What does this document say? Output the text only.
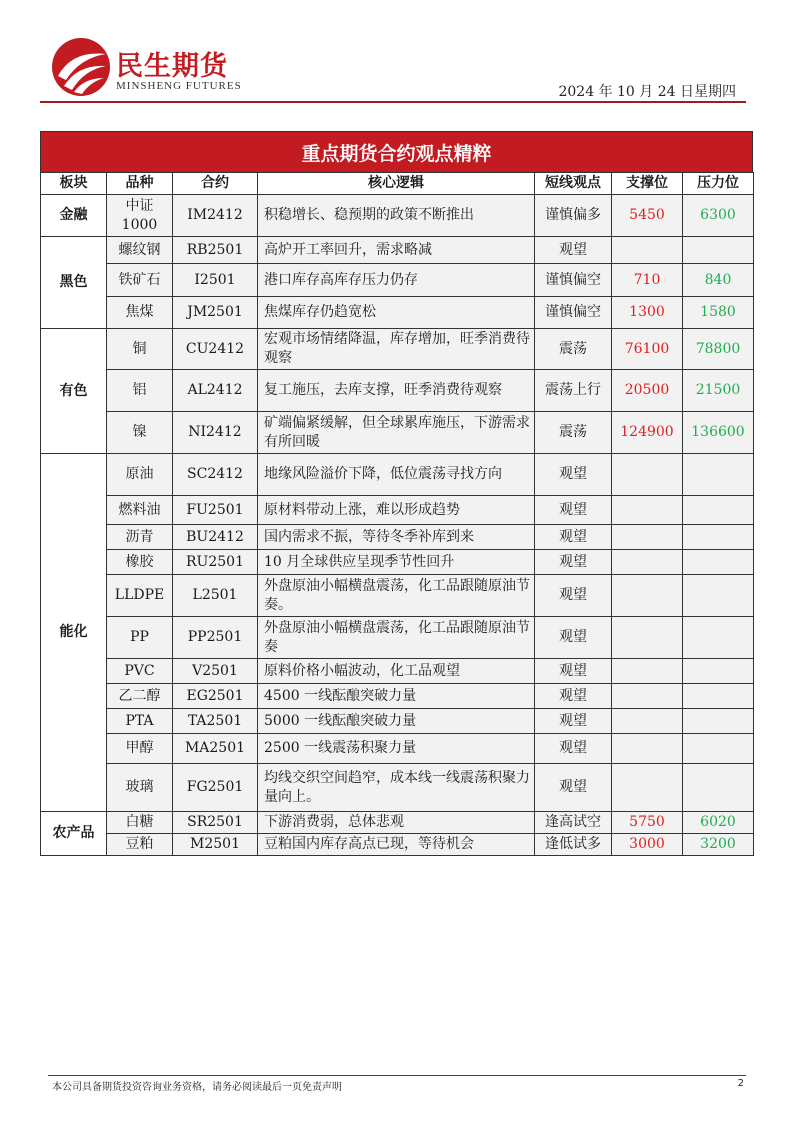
民生期货
MINSHENG FUTURES	2024 年 10 月 24 日星期四
重点期货合约观点精粹
板块	品种	合约	核心逻辑	短线观点	支撑位	压力位
金融	中证 1000	IM2412	积稳增长、稳预期的政策不断推出	谨慎偏多	5450	6300
黑色	螺纹钢	RB2501	高炉开工率回升，需求略减	观望		
	铁矿石	I2501	港口库存高库存压力仍存	谨慎偏空	710	840
	焦煤	JM2501	焦煤库存仍趋宽松	谨慎偏空	1300	1580
有色	铜	CU2412	宏观市场情绪降温，库存增加，旺季消费待观察	震荡	76100	78800
	铝	AL2412	复工施压，去库支撑，旺季消费待观察	震荡上行	20500	21500
	镍	NI2412	矿端偏紧缓解，但全球累库施压，下游需求有所回暖	震荡	124900	136600
能化	原油	SC2412	地缘风险溢价下降，低位震荡寻找方向	观望		
	燃料油	FU2501	原材料带动上涨，难以形成趋势	观望		
	沥青	BU2412	国内需求不振，等待冬季补库到来	观望		
	橡胶	RU2501	10 月全球供应呈现季节性回升	观望		
	LLDPE	L2501	外盘原油小幅横盘震荡，化工品跟随原油节奏。	观望		
	PP	PP2501	外盘原油小幅横盘震荡，化工品跟随原油节奏	观望		
	PVC	V2501	原料价格小幅波动，化工品观望	观望		
	乙二醇	EG2501	4500 一线酝酿突破力量	观望		
	PTA	TA2501	5000 一线酝酿突破力量	观望		
	甲醇	MA2501	2500 一线震荡积聚力量	观望		
	玻璃	FG2501	均线交织空间趋窄，成本线一线震荡积聚力量向上。	观望		
农产品	白糖	SR2501	下游消费弱，总体悲观	逢高试空	5750	6020
	豆粕	M2501	豆粕国内库存高点已现，等待机会	逢低试多	3000	3200
本公司具备期货投资咨询业务资格，请务必阅读最后一页免责声明	2
